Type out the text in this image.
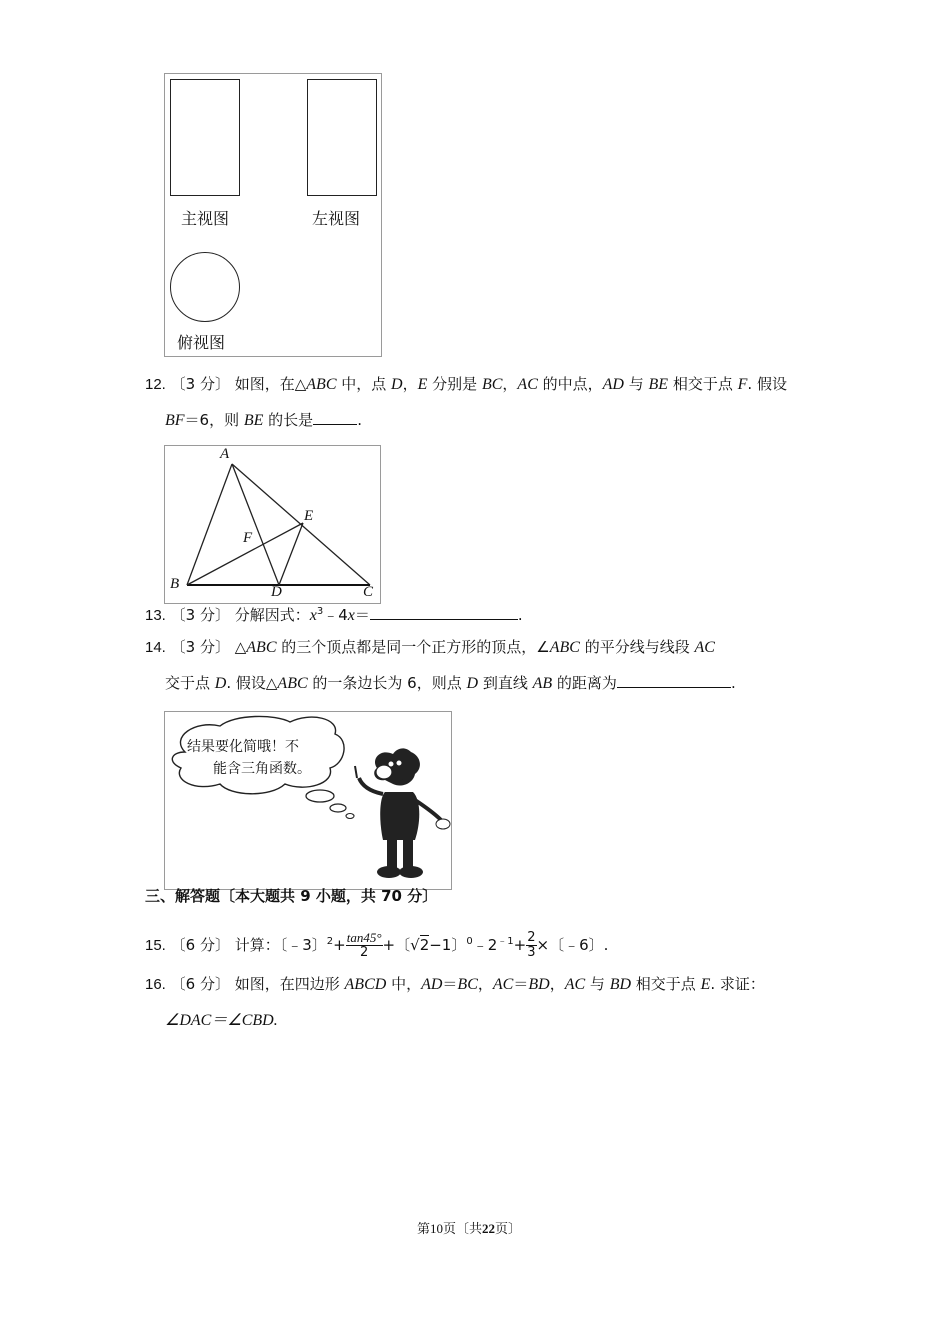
主视图	左视图
俯视图
12. 〔3 分〕 如图，在△ABC 中，点 D，E 分别是 BC，AC 的中点，AD 与 BE 相交于点 F. 假设
BF＝6，则 BE 的长是	.
A
B	C
D
E
F
13. 〔3 分〕 分解因式：$x^3﹣4x=$	.
14. 〔3 分〕 △ABC 的三个顶点都是同一个正方形的顶点，∠ABC 的平分线与线段 AC
交于点 D. 假设△ABC 的一条边长为 6，则点 D 到直线 AB 的距离为	.
结果要化简哦！不
能含三角函数。
三、解答题〔本大题共 9 小题，共 70 分〕
15. 〔6 分〕 计算：〔﹣3〕$^2+ \frac{\tan 45^\circ}{2}$ +〔√2−1〕$^0﹣2^{﹣1}+ \frac{2}{3}$ ×〔﹣6〕.
16. 〔6 分〕 如图，在四边形 ABCD 中，AD＝BC，AC＝BD，AC 与 BD 相交于点 E. 求证：
∠DAC＝∠CBD.
第10页〔共22页〕
